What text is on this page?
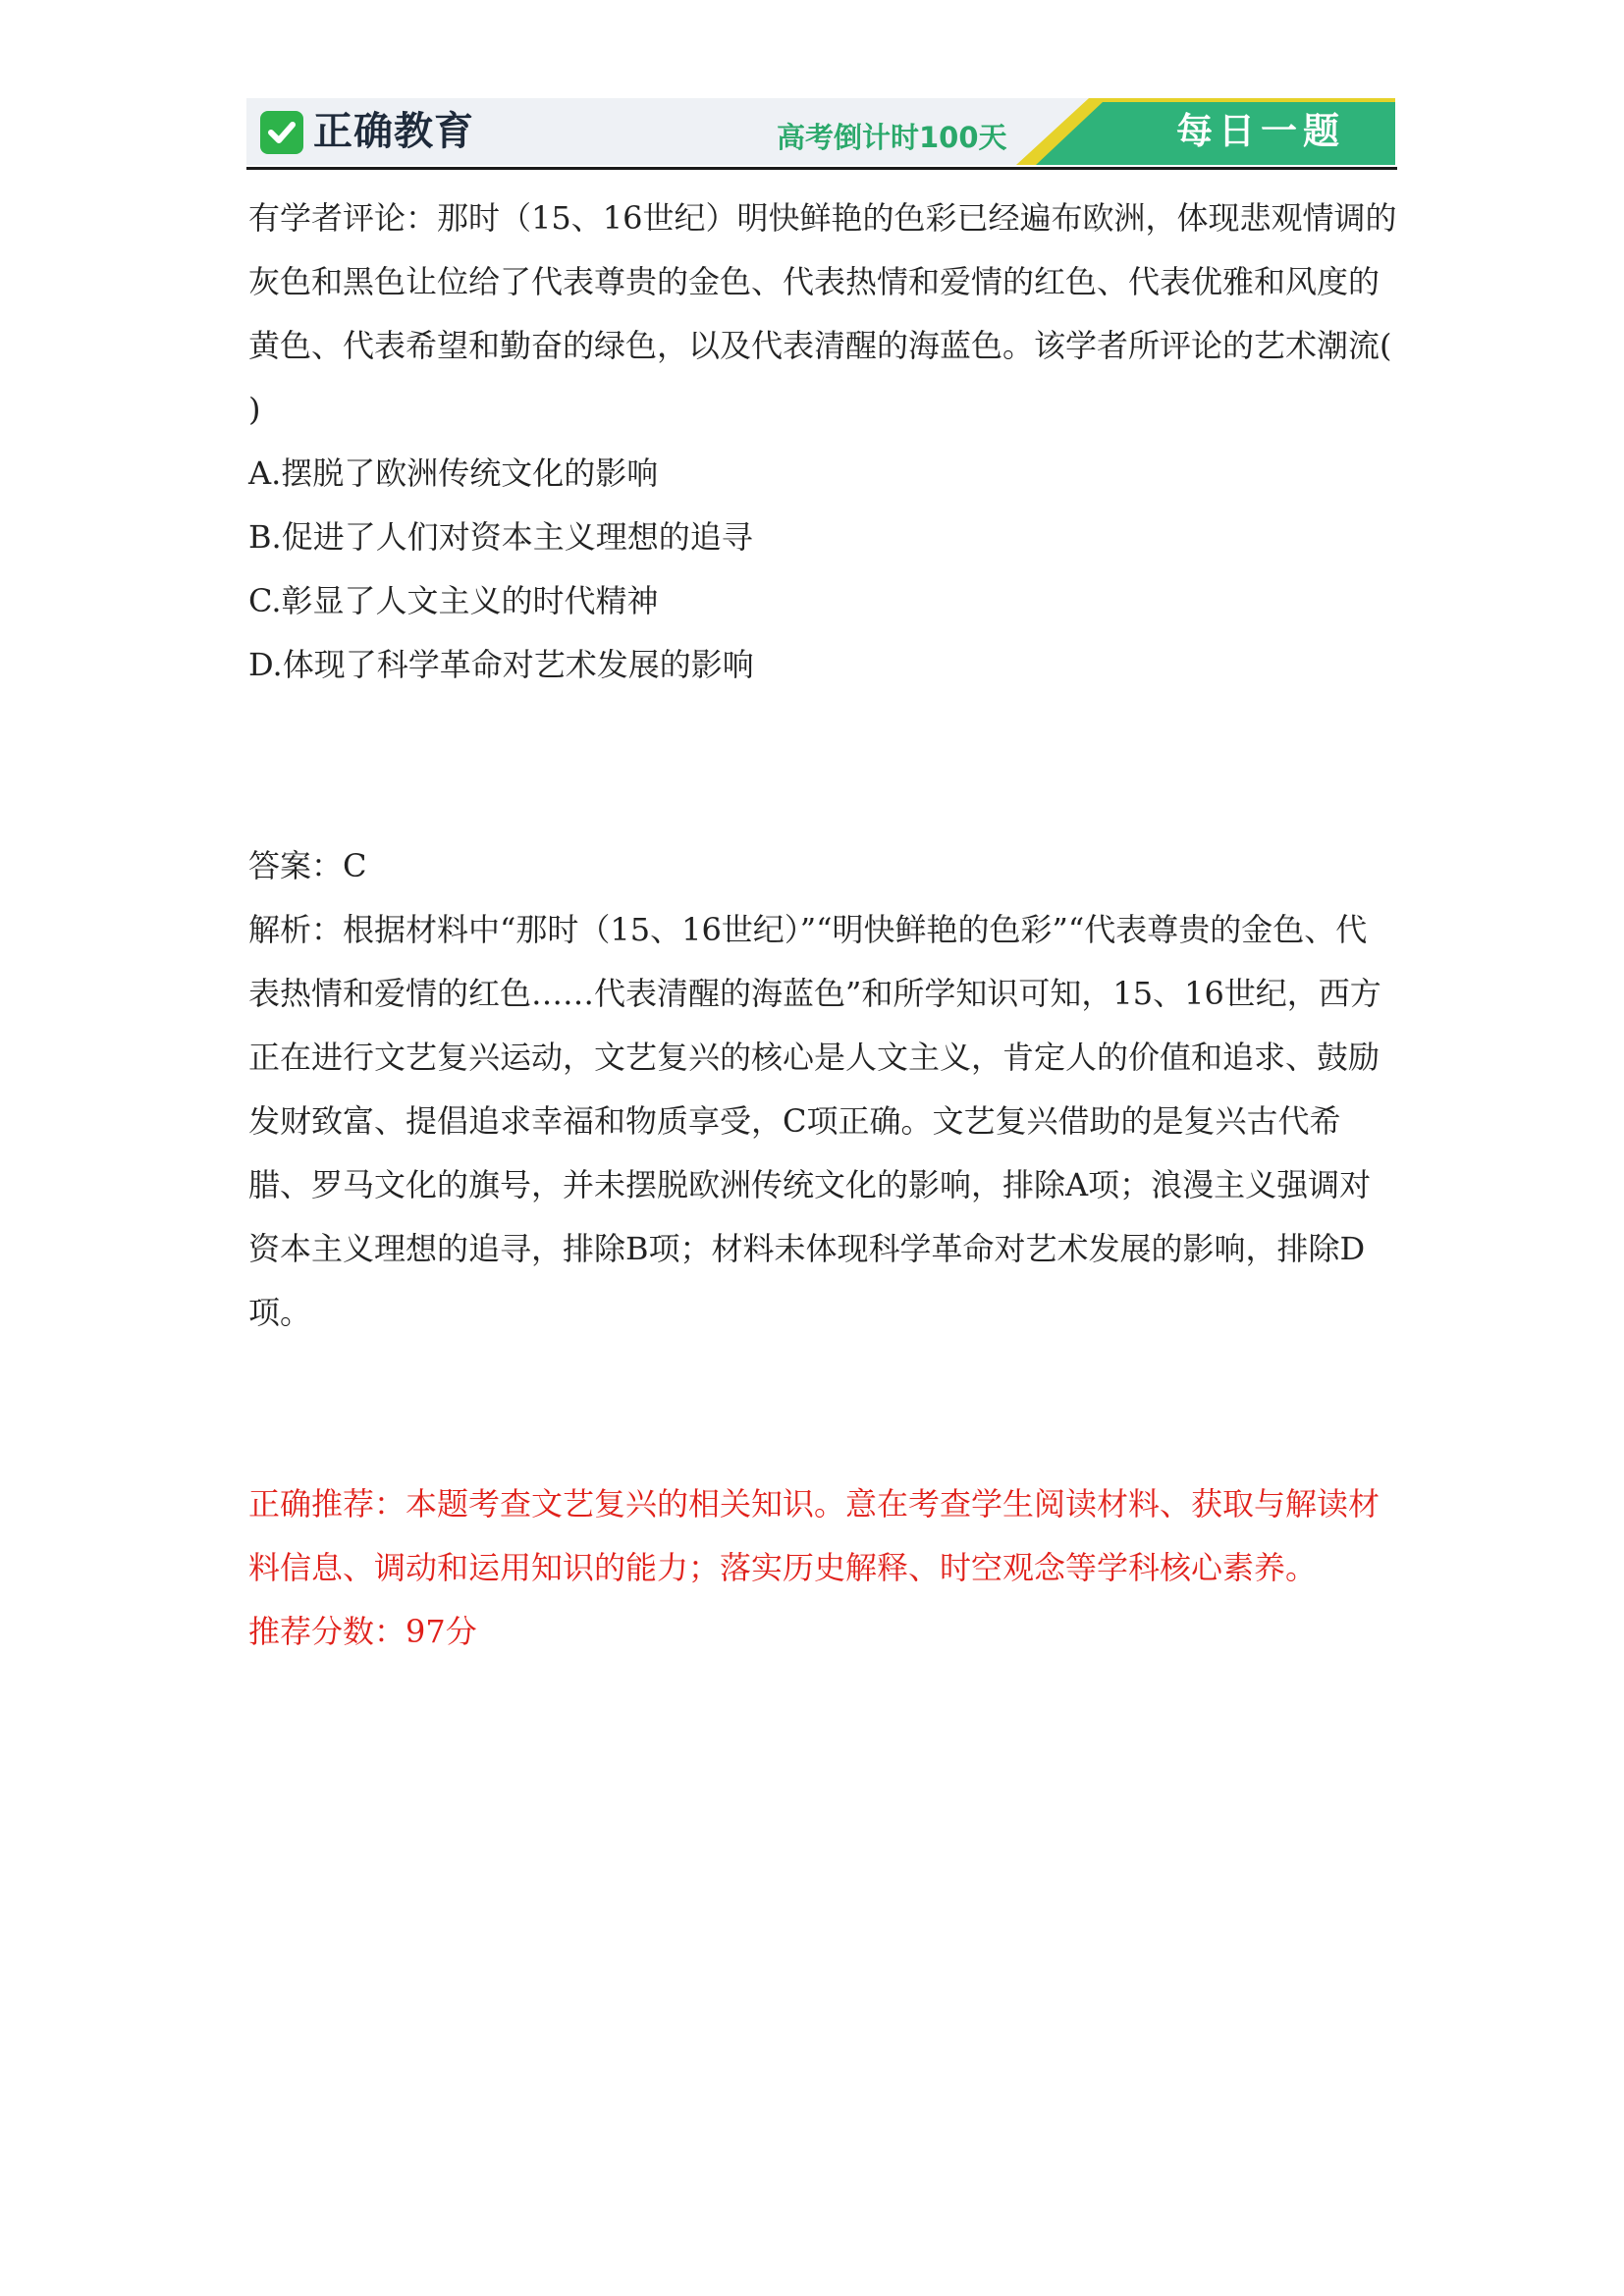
正确教育	高考倒计时100天	每日一题

有学者评论：那时（15、16世纪）明快鲜艳的色彩已经遍布欧洲，体现悲观情调的灰色和黑色让位给了代表尊贵的金色、代表热情和爱情的红色、代表优雅和风度的黄色、代表希望和勤奋的绿色，以及代表清醒的海蓝色。该学者所评论的艺术潮流( )

A.摆脱了欧洲传统文化的影响

B.促进了人们对资本主义理想的追寻

C.彰显了人文主义的时代精神

D.体现了科学革命对艺术发展的影响

答案：C

解析：根据材料中“那时（15、16世纪）”“明快鲜艳的色彩”“代表尊贵的金色、代表热情和爱情的红色……代表清醒的海蓝色”和所学知识可知，15、16世纪，西方正在进行文艺复兴运动，文艺复兴的核心是人文主义，肯定人的价值和追求、鼓励发财致富、提倡追求幸福和物质享受，C项正确。文艺复兴借助的是复兴古代希腊、罗马文化的旗号，并未摆脱欧洲传统文化的影响，排除A项；浪漫主义强调对资本主义理想的追寻，排除B项；材料未体现科学革命对艺术发展的影响，排除D项。

正确推荐：本题考查文艺复兴的相关知识。意在考查学生阅读材料、获取与解读材料信息、调动和运用知识的能力；落实历史解释、时空观念等学科核心素养。

推荐分数：97分
